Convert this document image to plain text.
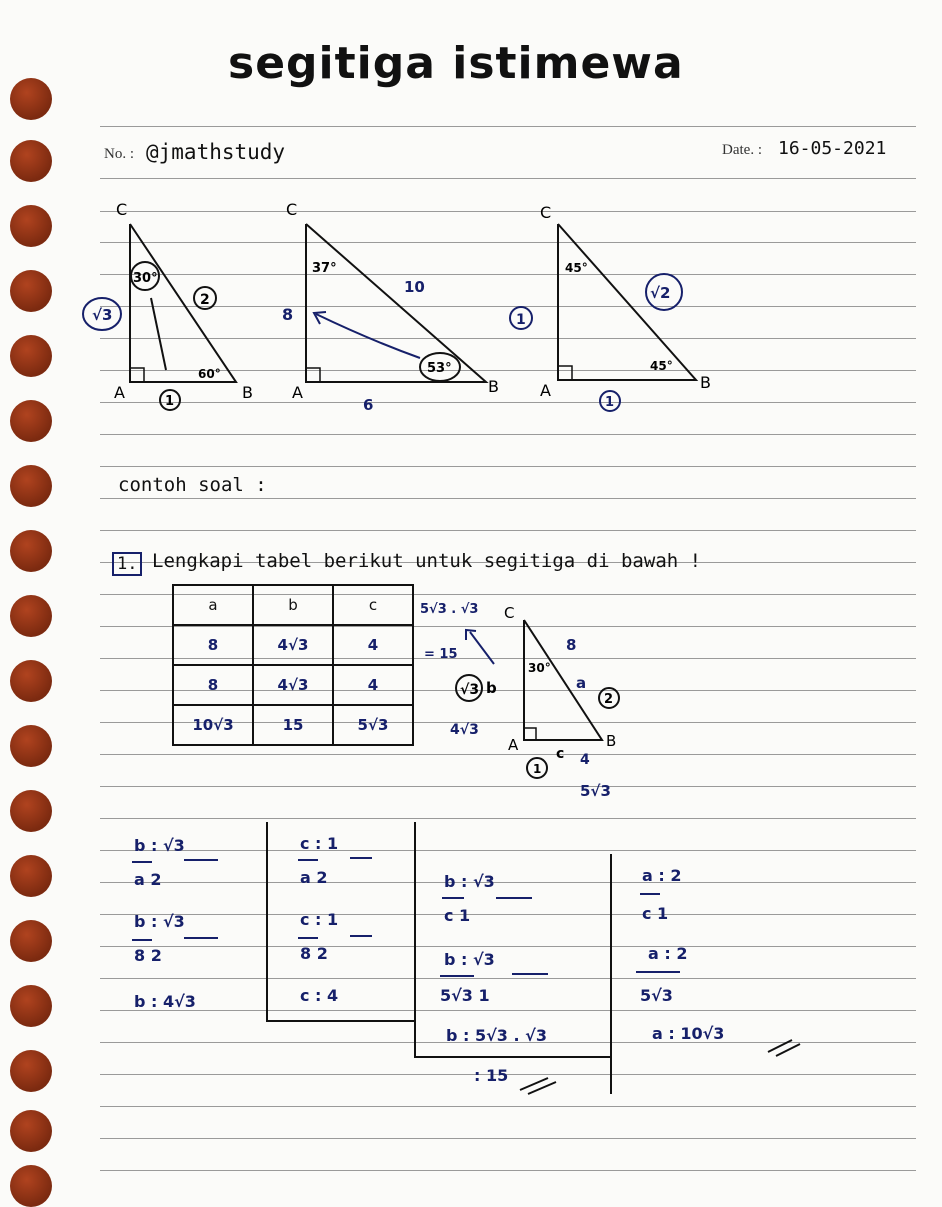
segitiga istimewa
No. : @jmathstudy	Date. : 16-05-2021
C
A	B
30°
60°
√3
1
2
C
A	B
37°
53°
8
6
10
C
A	B
45°
45°
1
1
√2
contoh soal :
1. Lengkapi tabel berikut untuk segitiga di bawah !
a	b	c
8	4√3	4
8	4√3	4
10√3	15	5√3
5√3 . √3
= 15
√3 b
4√3
C
A	B
30°
8
a
2
1
c 4
5√3
b : √3
a 2
b : √3
8 2
b : 4√3
c : 1
a 2
c : 1
8 2
c : 4
b : √3
c 1
b : √3
5√3 1
b : 5√3 . √3
: 15
a : 2
c 1
a : 2
5√3
a : 10√3
